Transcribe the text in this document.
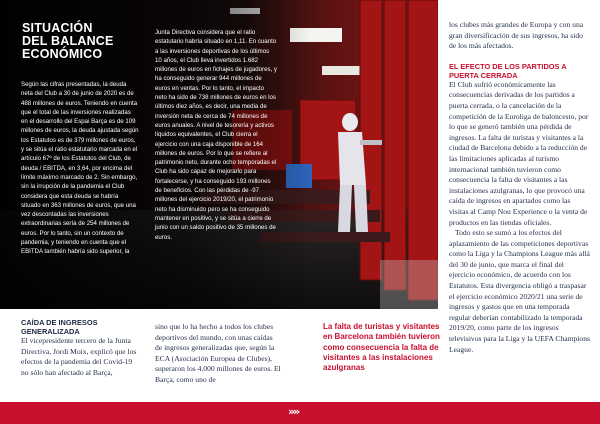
SITUACIÓN
DEL BALANCE
ECONÓMICO
Según las cifras presentadas, la deuda neta del Club a 30 de junio de 2020 es de 488 millones de euros. Teniendo en cuenta que el total de las inversiones realizadas en el desarrollo del Espai Barça es de 109 millones de euros, la deuda ajustada según los Estatutos es de 379 millones de euros, y se sitúa el ratio estatutario marcada en el artículo 67º de los Estatutos del Club, de deuda / EBITDA, en 3,64, por encima del límite máximo marcado de 2. Sin embargo, sin la irrupción de la pandemia el Club considera que esta deuda se habría situado en 363 millones de euros, que una vez descontadas las inversiones extraordinarias sería de 254 millones de euros. Por lo tanto, sin un contexto de pandemia, y teniendo en cuenta que el EBITDA también habría sido superior, la
Junta Directiva considera que el ratio estatutario habría situado en 1,11. En cuanto a las inversiones deportivas de los últimos 10 años, el Club lleva invertidos 1.682 millones de euros en fichajes de jugadores, y ha conseguido generar 944 millones de euros en ventas. Por lo tanto, el impacto neto ha sido de 738 millones de euros en los últimos diez años, es decir, una media de inversión neta de cerca de 74 millones de euros anuales. A nivel de tesorería y activos líquidos equivalentes, el Club cierra el ejercicio con una caja disponible de 164 millones de euros. Por lo que se refiere al patrimonio neto, durante ocho temporadas el Club ha sido capaz de mejorarlo para fortalecerse, y ha conseguido 193 millones de beneficios. Con las pérdidas de -97 millones del ejercicio 2019/20, el patrimonio neto ha disminuido pero se ha conseguido mantener en positivo, y se sitúa a cierre de junio con un saldo positivo de 35 millones de euros.

los clubes más grandes de Europa y con una gran diversificación de sus ingresos, ha sido de los más afectados.

EL EFECTO DE LOS PARTIDOS A PUERTA CERRADA

El Club sufrió económicamente las consecuencias derivadas de los partidos a puerta cerrada, o la cancelación de la competición de la Euroliga de baloncesto, por lo que se generó también una pérdida de ingresos. La falta de turistas y visitantes a la ciudad de Barcelona debido a la reducción de las limitaciones aplicadas al turismo internacional también tuvieron como consecuencia la falta de visitantes a las instalaciones azulgranas, lo que provocó una caída de ingresos en apartados como las visitas al Camp Nou Experience o la venta de productos en las tiendas oficiales.

Todo esto se sumó a los efectos del aplazamiento de las competiciones deportivas como la Liga y la Champions League más allá del 30 de junio, que marca el final del ejercicio económico, de acuerdo con los Estatutos. Esta divergencia obligó a traspasar el ejercicio económico 2020/21 una serie de ingresos y gastos que en una temporada regular deberían contabilizado la temporada 2019/20, como parte de los ingresos televisivos para la Liga y la UEFA Champions League.

CAÍDA DE INGRESOS GENERALIZADA
El vicepresidente tercero de la Junta Directiva, Jordi Moix, explicó que los efectos de la pandemia del Covid-19 no sólo han afectado al Barça,
sino que lo ha hecho a todos los clubes deportivos del mundo, con unas caídas de ingresos generalizadas que, según la ECA (Asociación Europea de Clubes), superaron los 4.000 millones de euros. El Barça, como uno de
La falta de turistas y visitantes en Barcelona también tuvieron como consecuencia la falta de visitantes a las instalaciones azulgranas
»»
